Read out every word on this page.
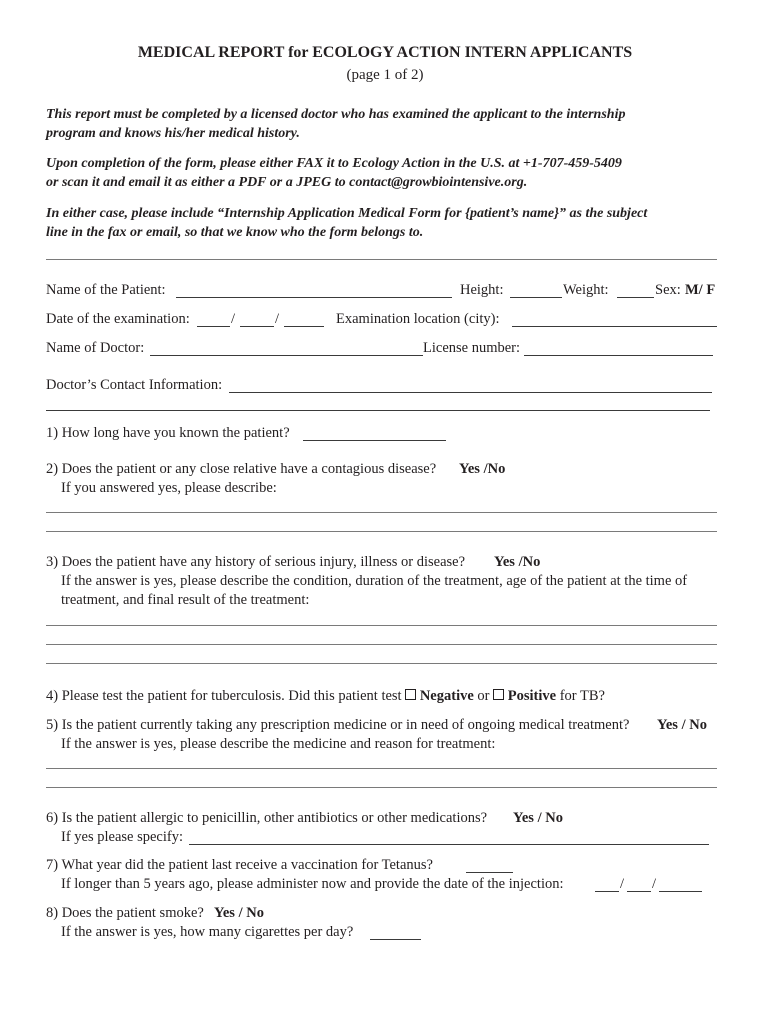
MEDICAL REPORT for ECOLOGY ACTION INTERN APPLICANTS
(page 1 of 2)
This report must be completed by a licensed doctor who has examined the applicant to the internship
program and knows his/her medical history.
Upon completion of the form, please either FAX it to Ecology Action in the U.S. at +1-707-459-5409
or scan it and email it as either a PDF or a JPEG to contact@growbiointensive.org.
In either case, please include “Internship Application Medical Form for {patient’s name}” as the subject
line in the fax or email, so that we know who the form belongs to.
Name of the Patient:	Height:	Weight:	Sex: M/ F
Date of the examination:	/	/	Examination location (city):
Name of Doctor:	License number:
Doctor’s Contact Information:
1) How long have you known the patient?
2) Does the patient or any close relative have a contagious disease? Yes /No
If you answered yes, please describe:
3) Does the patient have any history of serious injury, illness or disease? Yes /No
If the answer is yes, please describe the condition, duration of the treatment, age of the patient at the time of
treatment, and final result of the treatment:
4) Please test the patient for tuberculosis. Did this patient test Negative or Positive for TB?
5) Is the patient currently taking any prescription medicine or in need of ongoing medical treatment? Yes / No
If the answer is yes, please describe the medicine and reason for treatment:
6) Is the patient allergic to penicillin, other antibiotics or other medications? Yes / No
If yes please specify:
7) What year did the patient last receive a vaccination for Tetanus?
If longer than 5 years ago, please administer now and provide the date of the injection:	/ /
8) Does the patient smoke? Yes / No
If the answer is yes, how many cigarettes per day?
